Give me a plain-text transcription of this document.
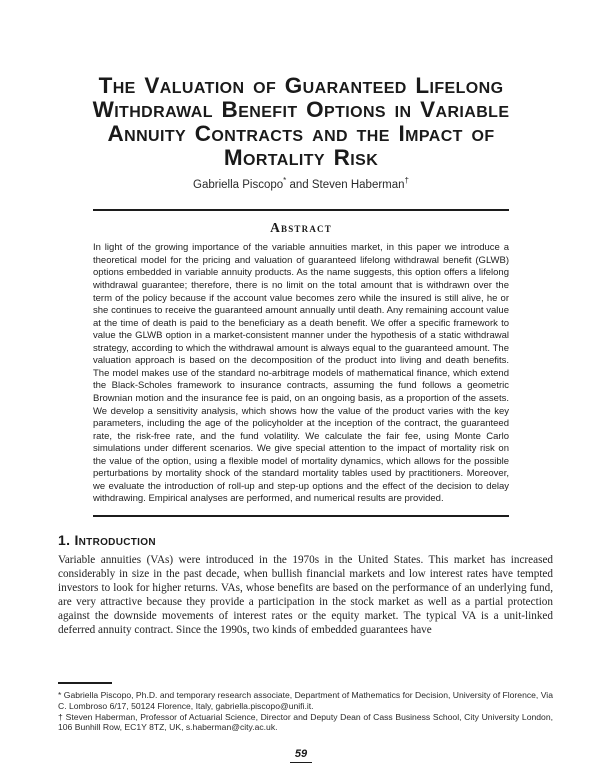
The Valuation of Guaranteed Lifelong
Withdrawal Benefit Options in Variable
Annuity Contracts and the Impact of
Mortality Risk
Gabriella Piscopo* and Steven Haberman†
Abstract

In light of the growing importance of the variable annuities market, in this paper we introduce a theoretical model for the pricing and valuation of guaranteed lifelong withdrawal benefit (GLWB) options embedded in variable annuity products. As the name suggests, this option offers a lifelong withdrawal guarantee; therefore, there is no limit on the total amount that is withdrawn over the term of the policy because if the account value becomes zero while the insured is still alive, he or she continues to receive the guaranteed amount annually until death. Any remaining account value at the time of death is paid to the beneficiary as a death benefit. We offer a specific framework to value the GLWB option in a market-consistent manner under the hypothesis of a static withdrawal strategy, according to which the withdrawal amount is always equal to the guaranteed amount. The valuation approach is based on the decomposition of the product into living and death benefits. The model makes use of the standard no-arbitrage models of mathematical finance, which extend the Black-Scholes framework to insurance contracts, assuming the fund follows a geometric Brownian motion and the insurance fee is paid, on an ongoing basis, as a proportion of the assets. We develop a sensitivity analysis, which shows how the value of the product varies with the key parameters, including the age of the policyholder at the inception of the contract, the guaranteed rate, the risk-free rate, and the fund volatility. We calculate the fair fee, using Monte Carlo simulations under different scenarios. We give special attention to the impact of mortality risk on the value of the option, using a flexible model of mortality dynamics, which allows for the possible perturbations by mortality shock of the standard mortality tables used by practitioners. Moreover, we evaluate the introduction of roll-up and step-up options and the effect of the decision to delay withdrawing. Empirical analyses are performed, and numerical results are provided.

1. Introduction

Variable annuities (VAs) were introduced in the 1970s in the United States. This market has increased considerably in size in the past decade, when bullish financial markets and low interest rates have tempted investors to look for higher returns. VAs, whose benefits are based on the performance of an underlying fund, are very attractive because they provide a participation in the stock market as well as a partial protection against the downside movements of interest rates or the equity market. The typical VA is a unit-linked deferred annuity contract. Since the 1990s, two kinds of embedded guarantees have

* Gabriella Piscopo, Ph.D. and temporary research associate, Department of Mathematics for Decision, University of Florence, Via C. Lombroso 6/17, 50124 Florence, Italy, gabriella.piscopo@unifi.it.

† Steven Haberman, Professor of Actuarial Science, Director and Deputy Dean of Cass Business School, City University London, 106 Bunhill Row, EC1Y 8TZ, UK, s.haberman@city.ac.uk.

59
